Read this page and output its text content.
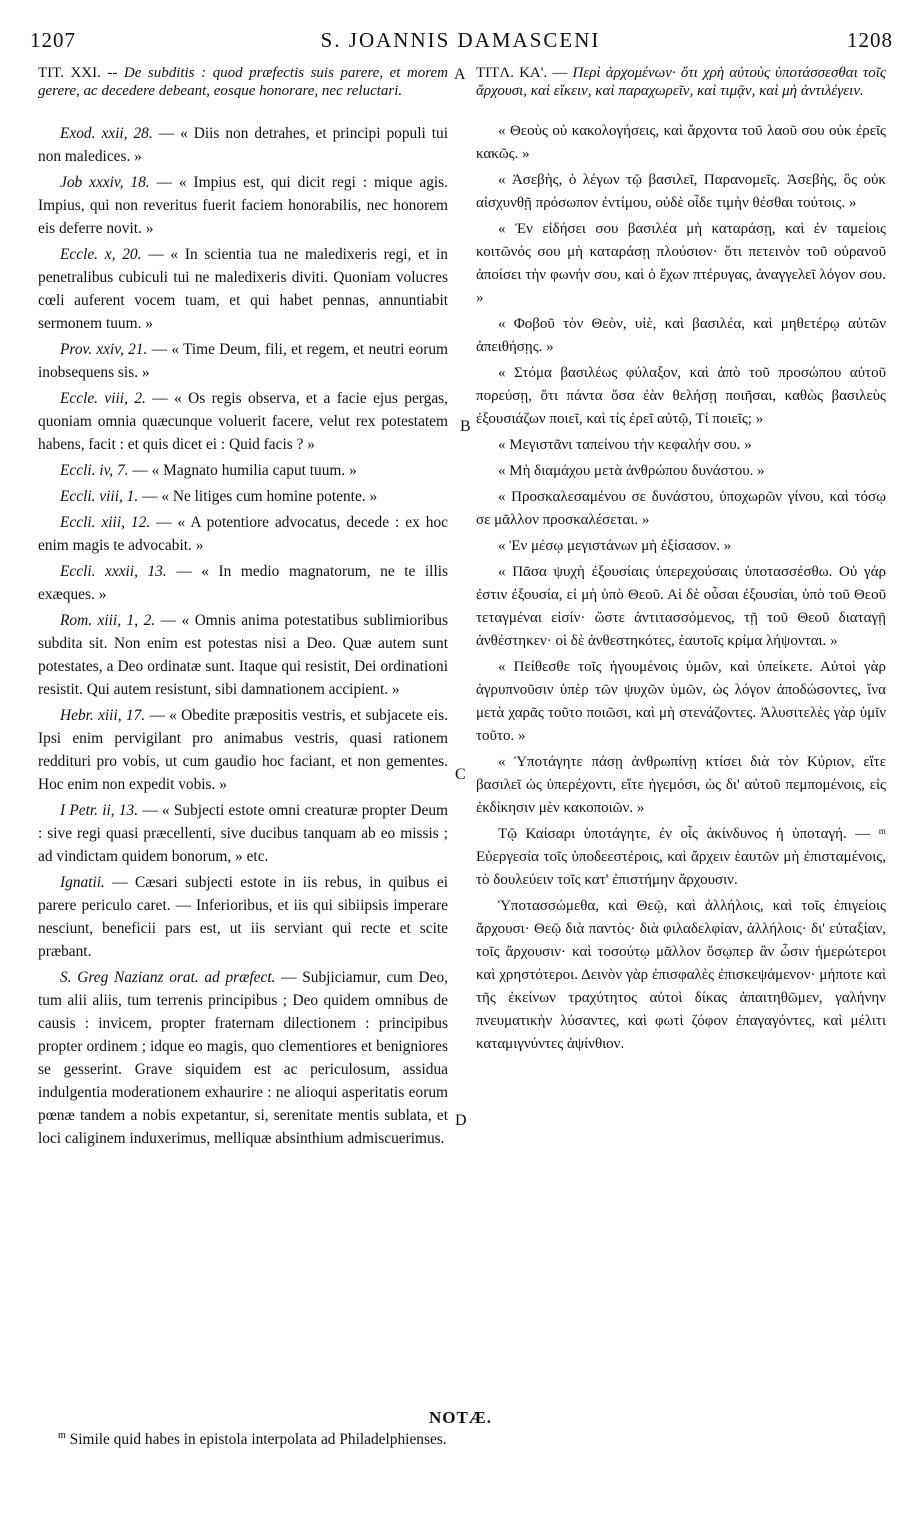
1207	S. JOANNIS DAMASCENI	1208
A
B
C
D

TIT. XXI. -- De subditis : quod præfectis suis parere, et morem gerere, ac decedere debeant, eosque honorare, nec reluctari.

Exod. xxii, 28. — « Diis non detrahes, et principi populi tui non maledices. »

Job xxxiv, 18. — « Impius est, qui dicit regi : mique agis. Impius, qui non reveritus fuerit faciem honorabilis, nec honorem eis deferre novit. »

Eccle. x, 20. — « In scientia tua ne maledixeris regi, et in penetralibus cubiculi tui ne maledixeris diviti. Quoniam volucres cœli auferent vocem tuam, et qui habet pennas, annuntiabit sermonem tuum. »

Prov. xxiv, 21. — « Time Deum, fili, et regem, et neutri eorum inobsequens sis. »

Eccle. viii, 2. — « Os regis observa, et a facie ejus pergas, quoniam omnia quæcunque voluerit facere, velut rex potestatem habens, facit : et quis dicet ei : Quid facis ? »

Eccli. iv, 7. — « Magnato humilia caput tuum. »

Eccli. viii, 1. — « Ne litiges cum homine potente. »

Eccli. xiii, 12. — « A potentiore advocatus, decede : ex hoc enim magis te advocabit. »

Eccli. xxxii, 13. — « In medio magnatorum, ne te illis exæques. »

Rom. xiii, 1, 2. — « Omnis anima potestatibus sublimioribus subdita sit. Non enim est potestas nisi a Deo. Quæ autem sunt potestates, a Deo ordinatæ sunt. Itaque qui resistit, Dei ordinationi resistit. Qui autem resistunt, sibi damnationem accipient. »

Hebr. xiii, 17. — « Obedite præpositis vestris, et subjacete eis. Ipsi enim pervigilant pro animabus vestris, quasi rationem reddituri pro vobis, ut cum gaudio hoc faciant, et non gementes. Hoc enim non expedit vobis. »

I Petr. ii, 13. — « Subjecti estote omni creaturæ propter Deum : sive regi quasi præcellenti, sive ducibus tanquam ab eo missis ; ad vindictam quidem bonorum, » etc.

Ignatii. — Cæsari subjecti estote in iis rebus, in quibus ei parere periculo caret. — Inferioribus, et iis qui sibiipsis imperare nesciunt, beneficii pars est, ut iis serviant qui recte et scite præbant.

S. Greg Nazianz orat. ad præfect. — Subjiciamur, cum Deo, tum alii aliis, tum terrenis principibus ; Deo quidem omnibus de causis : invicem, propter fraternam dilectionem : principibus propter ordinem ; idque eo magis, quo clementiores et benigniores se gesserint. Grave siquidem est ac periculosum, assidua indulgentia moderationem exhaurire : ne alioqui asperitatis eorum pœnæ tandem a nobis expetantur, si, serenitate mentis sublata, et loci caliginem induxerimus, melliquæ absinthium admiscuerimus.

TITΛ. ΚΑ'. — Περὶ ἀρχομένων· ὅτι χρὴ αὐτοὺς ὑποτάσσεσθαι τοῖς ἄρχουσι, καὶ εἴκειν, καὶ παραχωρεῖν, καὶ τιμᾷν, καὶ μὴ ἀντιλέγειν.

« Θεοὺς οὐ κακολογήσεις, καὶ ἄρχοντα τοῦ λαοῦ σου οὐκ ἐρεῖς κακῶς. »

« Ἀσεβὴς, ὁ λέγων τῷ βασιλεῖ, Παρανομεῖς. Ἀσεβὴς, ὃς οὐκ αἰσχυνθῇ πρόσωπον ἐντίμου, οὐδὲ οἶδε τιμὴν θέσθαι τούτοις. »

« Ἐν εἰδήσει σου βασιλέα μὴ καταράσῃ, καὶ ἐν ταμείοις κοιτῶνός σου μὴ καταράσῃ πλούσιον· ὅτι πετεινὸν τοῦ οὐρανοῦ ἀποίσει τὴν φωνήν σου, καὶ ὁ ἔχων πτέρυγας, ἀναγγελεῖ λόγον σου. »

« Φοβοῦ τὸν Θεὸν, υἱὲ, καὶ βασιλέα, καὶ μηθετέρῳ αὐτῶν ἀπειθήσῃς. »

« Στόμα βασιλέως φύλαξον, καὶ ἀπὸ τοῦ προσώπου αὐτοῦ πορεύσῃ, ὅτι πάντα ὅσα ἐὰν θελήσῃ ποιῆσαι, καθὼς βασιλεὺς ἐξουσιάζων ποιεῖ, καὶ τίς ἐρεῖ αὐτῷ, Τί ποιεῖς; »

« Μεγιστᾶνι ταπείνου τὴν κεφαλήν σου. »

« Μὴ διαμάχου μετὰ ἀνθρώπου δυνάστου. »

« Προσκαλεσαμένου σε δυνάστου, ὑποχωρῶν γίνου, καὶ τόσῳ σε μᾶλλον προσκαλέσεται. »

« Ἐν μέσῳ μεγιστάνων μὴ ἐξίσασον. »

« Πᾶσα ψυχὴ ἐξουσίαις ὑπερεχούσαις ὑποτασσέσθω. Οὐ γάρ ἐστιν ἐξουσία, εἰ μὴ ὑπὸ Θεοῦ. Αἱ δὲ οὖσαι ἐξουσίαι, ὑπὸ τοῦ Θεοῦ τεταγμέναι εἰσίν· ὥστε ἀντιτασσόμενος, τῇ τοῦ Θεοῦ διαταγῇ ἀνθέστηκεν· οἱ δὲ ἀνθεστηκότες, ἑαυτοῖς κρίμα λήψονται. »

« Πείθεσθε τοῖς ἡγουμένοις ὑμῶν, καὶ ὑπείκετε. Αὐτοὶ γὰρ ἀγρυπνοῦσιν ὑπὲρ τῶν ψυχῶν ὑμῶν, ὡς λόγον ἀποδώσοντες, ἵνα μετὰ χαρᾶς τοῦτο ποιῶσι, καὶ μὴ στενάζοντες. Ἀλυσιτελὲς γὰρ ὑμῖν τοῦτο. »

« Ὑποτάγητε πάσῃ ἀνθρωπίνῃ κτίσει διὰ τὸν Κύριον, εἴτε βασιλεῖ ὡς ὑπερέχοντι, εἴτε ἡγεμόσι, ὡς δι' αὐτοῦ πεμπομένοις, εἰς ἐκδίκησιν μὲν κακοποιῶν. »

Τῷ Καίσαρι ὑποτάγητε, ἐν οἷς ἀκίνδυνος ἡ ὑποταγή. — ᵐ Εὐεργεσία τοῖς ὑποδεεστέροις, καὶ ἄρχειν ἑαυτῶν μὴ ἐπισταμένοις, τὸ δουλεύειν τοῖς κατ' ἐπιστήμην ἄρχουσιν.

Ὑποτασσώμεθα, καὶ Θεῷ, καὶ ἀλλήλοις, καὶ τοῖς ἐπιγείοις ἄρχουσι· Θεῷ διὰ παντὸς· διὰ φιλαδελφίαν, ἀλλήλοις· δι' εὐταξίαν, τοῖς ἄρχουσιν· καὶ τοσούτῳ μᾶλλον ὅσῳπερ ἂν ὦσιν ἡμερώτεροι καὶ χρηστότεροι. Δεινὸν γὰρ ἐπισφαλὲς ἐπισκεψάμενον· μήποτε καὶ τῆς ἐκείνων τραχύτητος αὐτοὶ δίκας ἀπαιτηθῶμεν, γαλήνην πνευματικὴν λύσαντες, καὶ φωτὶ ζόφον ἐπαγαγόντες, καὶ μέλιτι καταμιγνύντες ἀψίνθιον.

NOTÆ.
$^m$ Simile quid habes in epistola interpolata ad Philadelphienses.
